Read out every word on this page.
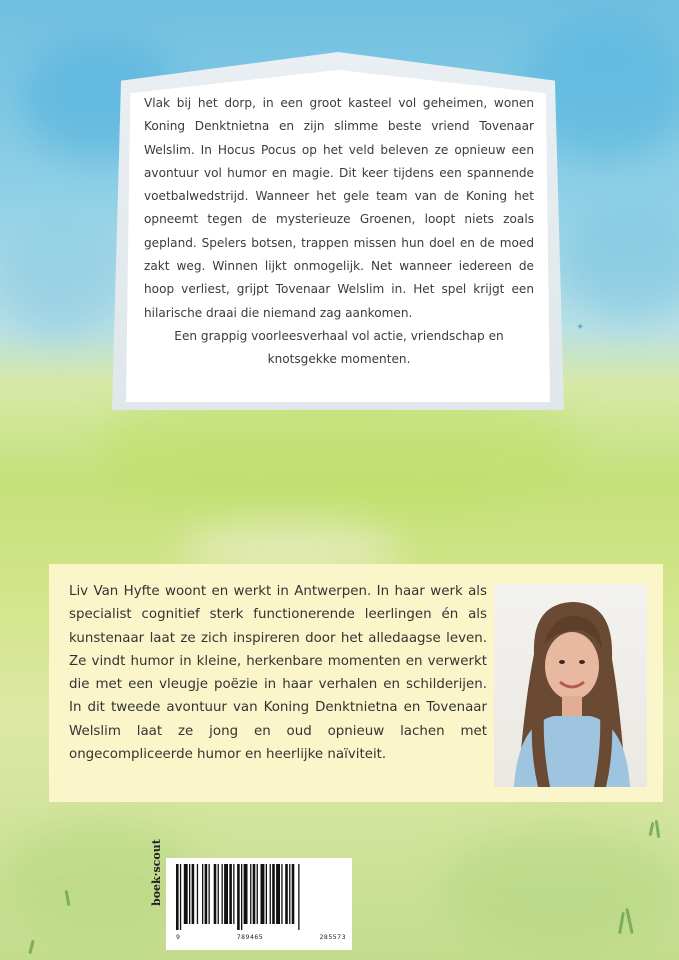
✦

Vlak bij het dorp, in een groot kasteel vol geheimen, wonen Koning Denktnietna en zijn slimme beste vriend Tovenaar Welslim. In Hocus Pocus op het veld beleven ze opnieuw een avontuur vol humor en magie. Dit keer tijdens een spannende voetbalwedstrijd. Wanneer het gele team van de Koning het opneemt tegen de mysterieuze Groenen, loopt niets zoals gepland. Spelers botsen, trappen missen hun doel en de moed zakt weg. Winnen lijkt onmogelijk. Net wanneer iedereen de hoop verliest, grijpt Tovenaar Welslim in. Het spel krijgt een hilarische draai die niemand zag aankomen.

Een grappig voorleesverhaal vol actie, vriendschap en knotsgekke momenten.

Liv Van Hyfte woont en werkt in Antwerpen. In haar werk als specialist cognitief sterk functionerende leerlingen én als kunstenaar laat ze zich inspireren door het alledaagse leven. Ze vindt humor in kleine, herkenbare momenten en verwerkt die met een vleugje poëzie in haar verhalen en schilderijen. In dit tweede avontuur van Koning Denktnietna en Tovenaar Welslim laat ze jong en oud opnieuw lachen met ongecompliceerde humor en heerlijke naïviteit.
boek·scout
9	789465	285573
